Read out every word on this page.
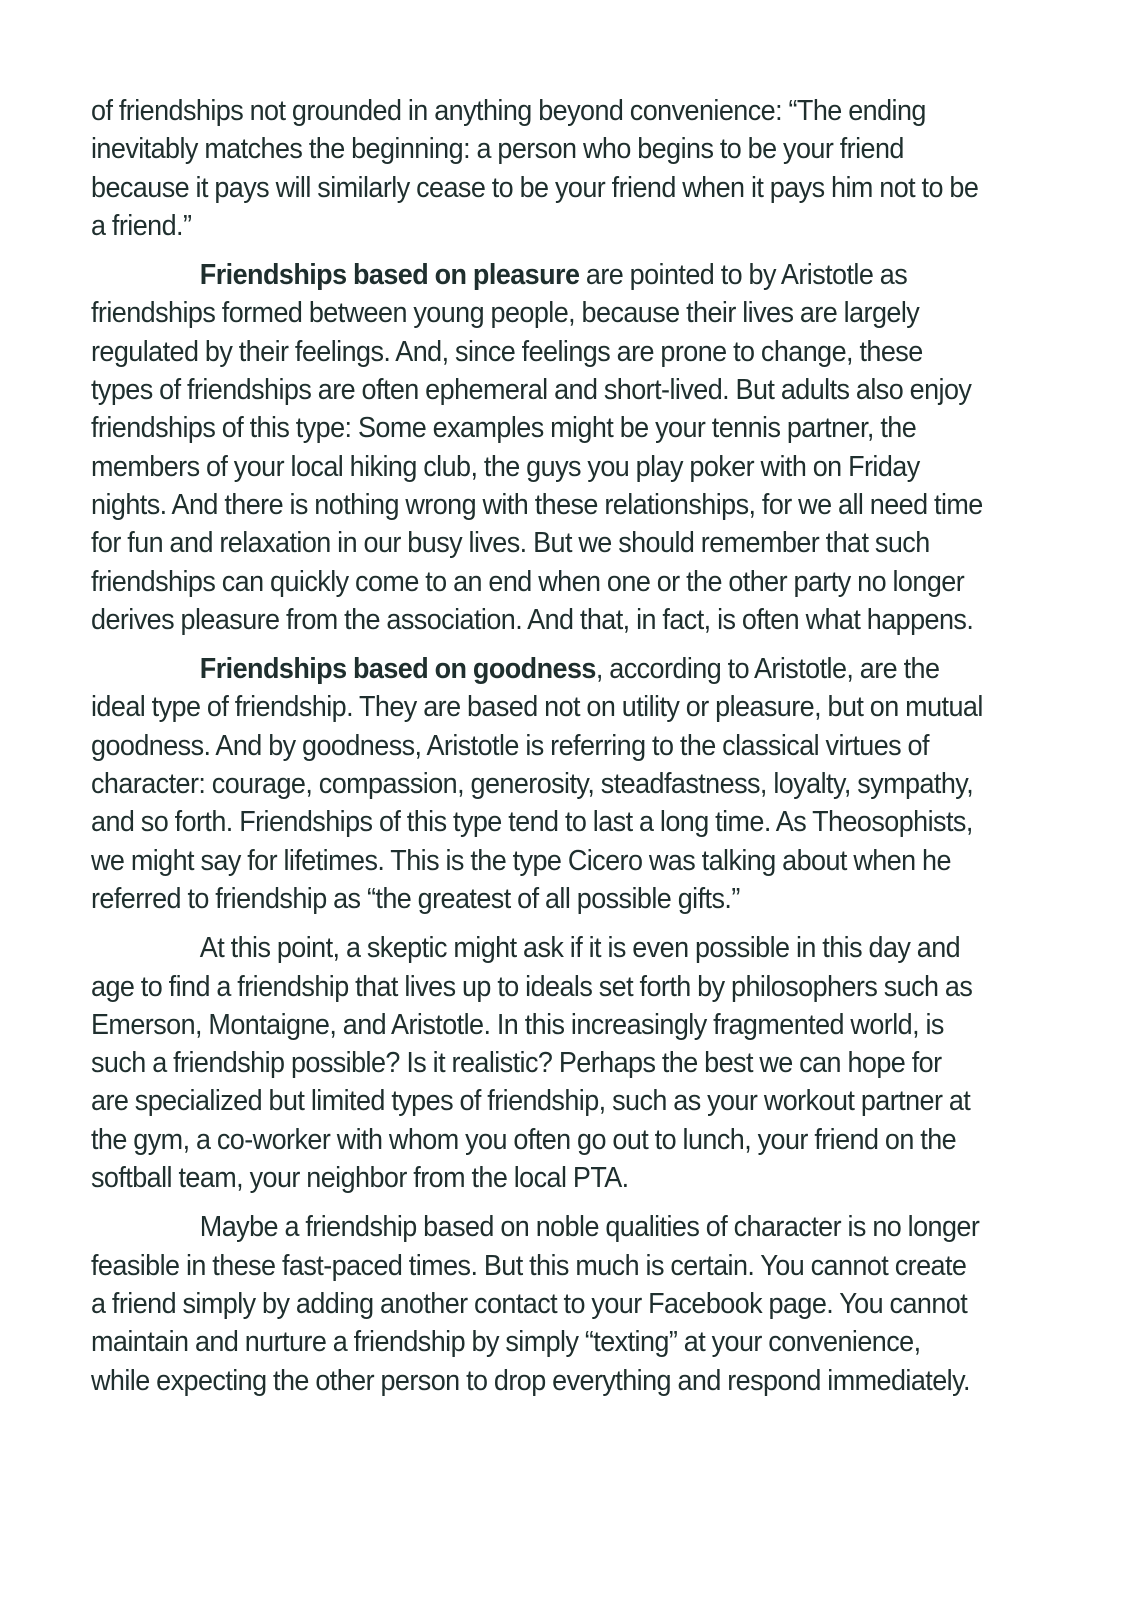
of friendships not grounded in anything beyond convenience: “The ending inevitably matches the beginning: a person who begins to be your friend because it pays will similarly cease to be your friend when it pays him not to be a friend.”

Friendships based on pleasure are pointed to by Aristotle as friendships formed between young people, because their lives are largely regulated by their feelings. And, since feelings are prone to change, these types of friendships are often ephemeral and short-lived. But adults also enjoy friendships of this type: Some examples might be your tennis partner, the members of your local hiking club, the guys you play poker with on Friday nights. And there is nothing wrong with these relationships, for we all need time for fun and relaxation in our busy lives. But we should remember that such friendships can quickly come to an end when one or the other party no longer derives pleasure from the association. And that, in fact, is often what happens.

Friendships based on goodness, according to Aristotle, are the ideal type of friendship. They are based not on utility or pleasure, but on mutual goodness. And by goodness, Aristotle is referring to the classical virtues of character: courage, compassion, generosity, steadfastness, loyalty, sympathy, and so forth. Friendships of this type tend to last a long time. As Theosophists, we might say for lifetimes. This is the type Cicero was talking about when he referred to friendship as “the greatest of all possible gifts.”

At this point, a skeptic might ask if it is even possible in this day and age to find a friendship that lives up to ideals set forth by philosophers such as Emerson, Montaigne, and Aristotle. In this increasingly fragmented world, is such a friendship possible? Is it realistic? Perhaps the best we can hope for are specialized but limited types of friendship, such as your workout partner at the gym, a co-worker with whom you often go out to lunch, your friend on the softball team, your neighbor from the local PTA.

Maybe a friendship based on noble qualities of character is no longer feasible in these fast-paced times. But this much is certain. You cannot create a friend simply by adding another contact to your Facebook page. You cannot maintain and nurture a friendship by simply “texting” at your convenience, while expecting the other person to drop everything and respond immediately.
